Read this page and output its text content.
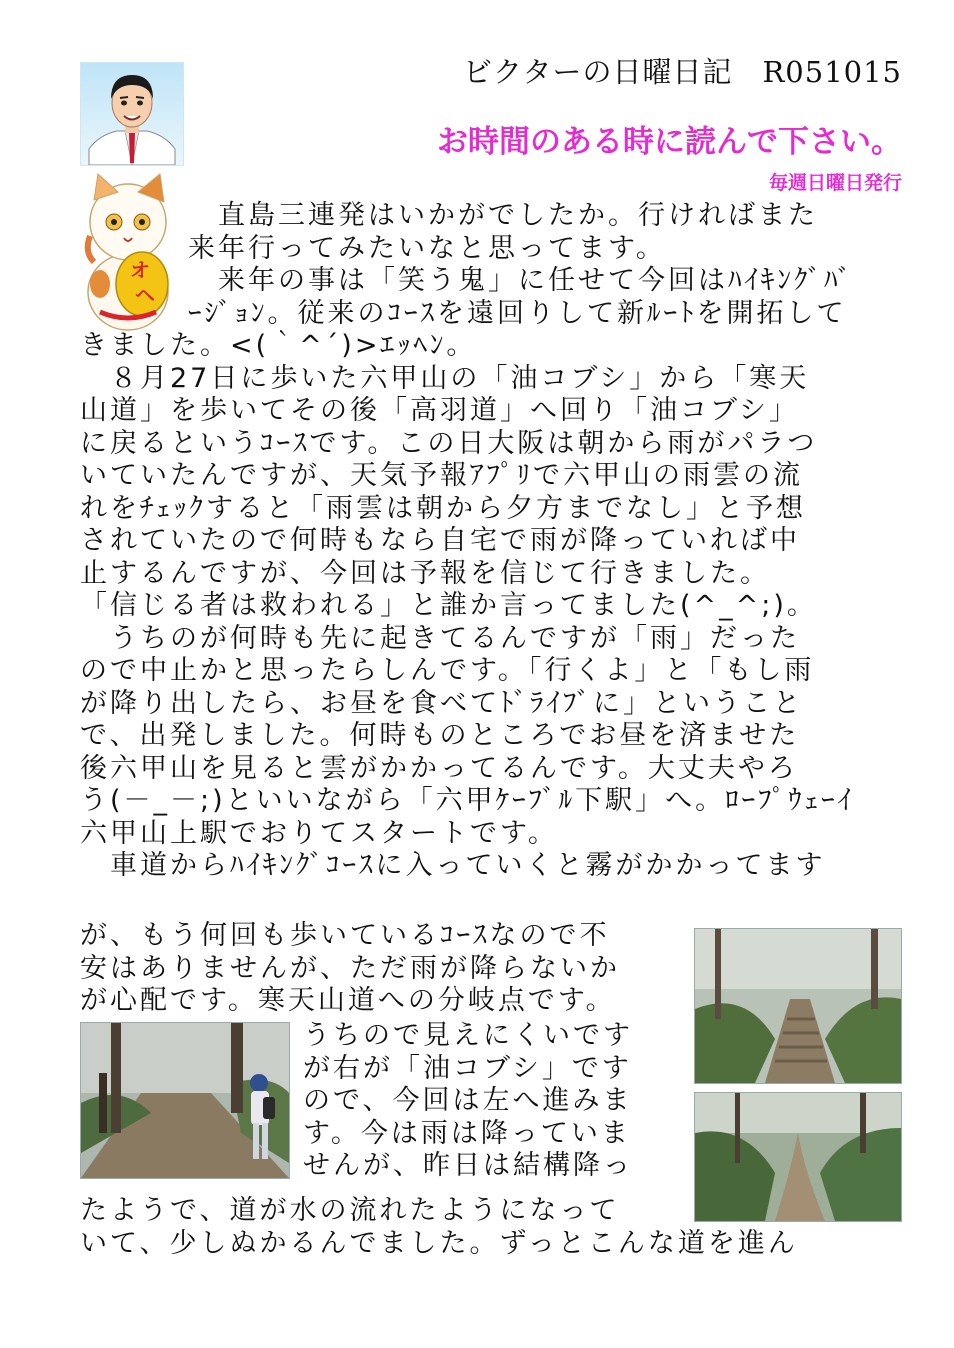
ビクターの日曜日記　R051015
お時間のある時に読んで下さい。
毎週日曜日発行
オ
ヘ
直島三連発はいかがでしたか。行ければまた
来年行ってみたいなと思ってます。
来年の事は「笑う鬼」に任せて今回はﾊｲｷﾝｸﾞﾊﾞ
ｰｼﾞｮﾝ。従来のｺｰｽを遠回りして新ﾙｰﾄを開拓して
きました。<(｀^´)>ｴｯﾍﾝ。
８月27日に歩いた六甲山の「油コブシ」から「寒天
山道」を歩いてその後「高羽道」へ回り「油コブシ」
に戻るというｺｰｽです。この日大阪は朝から雨がパラつ
いていたんですが、天気予報ｱﾌﾟﾘで六甲山の雨雲の流
れをﾁｪｯｸすると「雨雲は朝から夕方までなし」と予想
されていたので何時もなら自宅で雨が降っていれば中
止するんですが、今回は予報を信じて行きました。
「信じる者は救われる」と誰か言ってました(^_^;)。
うちのが何時も先に起きてるんですが「雨」だった
ので中止かと思ったらしんです。「行くよ」と「もし雨
が降り出したら、お昼を食べてﾄﾞﾗｲﾌﾞに」ということ
で、出発しました。何時ものところでお昼を済ませた
後六甲山を見ると雲がかかってるんです。大丈夫やろ
う(－_－;)といいながら「六甲ｹｰﾌﾞﾙ下駅」へ。ﾛｰﾌﾟｳｪｰｲ
六甲山上駅でおりてスタートです。
車道からﾊｲｷﾝｸﾞｺｰｽに入っていくと霧がかかってます
が、もう何回も歩いているｺｰｽなので不
安はありませんが、ただ雨が降らないか
が心配です。寒天山道への分岐点です。
うちので見えにくいです
が右が「油コブシ」です
ので、今回は左へ進みま
す。今は雨は降っていま
せんが、昨日は結構降っ
たようで、道が水の流れたようになって
いて、少しぬかるんでました。ずっとこんな道を進ん
